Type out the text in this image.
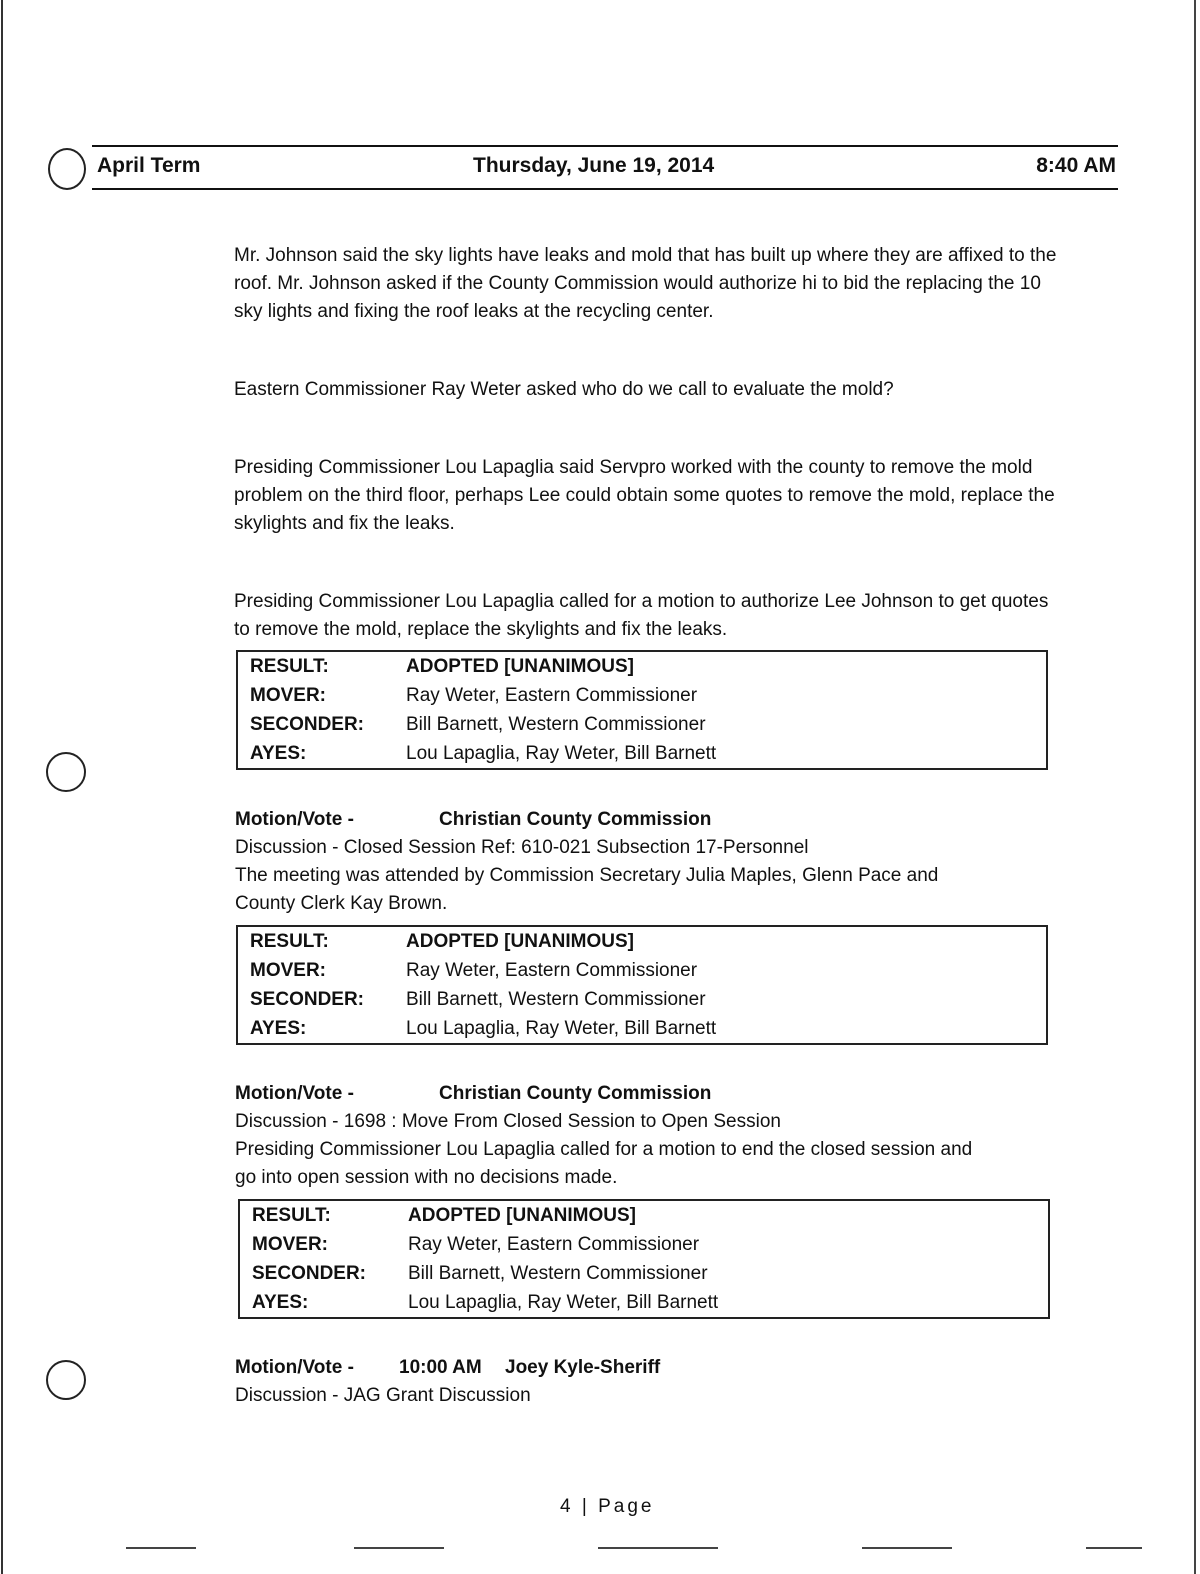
April Term	Thursday, June 19, 2014	8:40 AM

Mr. Johnson said the sky lights have leaks and mold that has built up where they are affixed to the roof. Mr. Johnson asked if the County Commission would authorize hi to bid the replacing the 10 sky lights and fixing the roof leaks at the recycling center.

Eastern Commissioner Ray Weter asked who do we call to evaluate the mold?

Presiding Commissioner Lou Lapaglia said Servpro worked with the county to remove the mold problem on the third floor, perhaps Lee could obtain some quotes to remove the mold, replace the skylights and fix the leaks.

Presiding Commissioner Lou Lapaglia called for a motion to authorize Lee Johnson to get quotes to remove the mold, replace the skylights and fix the leaks.

RESULT:	ADOPTED [UNANIMOUS]
MOVER:	Ray Weter, Eastern Commissioner
SECONDER:	Bill Barnett, Western Commissioner
AYES:	Lou Lapaglia, Ray Weter, Bill Barnett
Motion/Vote -	Christian County Commission
Discussion - Closed Session Ref: 610-021 Subsection 17-Personnel
The meeting was attended by Commission Secretary Julia Maples, Glenn Pace and
County Clerk Kay Brown.
RESULT:	ADOPTED [UNANIMOUS]
MOVER:	Ray Weter, Eastern Commissioner
SECONDER:	Bill Barnett, Western Commissioner
AYES:	Lou Lapaglia, Ray Weter, Bill Barnett
Motion/Vote -	Christian County Commission
Discussion - 1698 : Move From Closed Session to Open Session
Presiding Commissioner Lou Lapaglia called for a motion to end the closed session and
go into open session with no decisions made.
RESULT:	ADOPTED [UNANIMOUS]
MOVER:	Ray Weter, Eastern Commissioner
SECONDER:	Bill Barnett, Western Commissioner
AYES:	Lou Lapaglia, Ray Weter, Bill Barnett
Motion/Vote - 10:00 AM Joey Kyle-Sheriff
Discussion - JAG Grant Discussion
4 | Page
